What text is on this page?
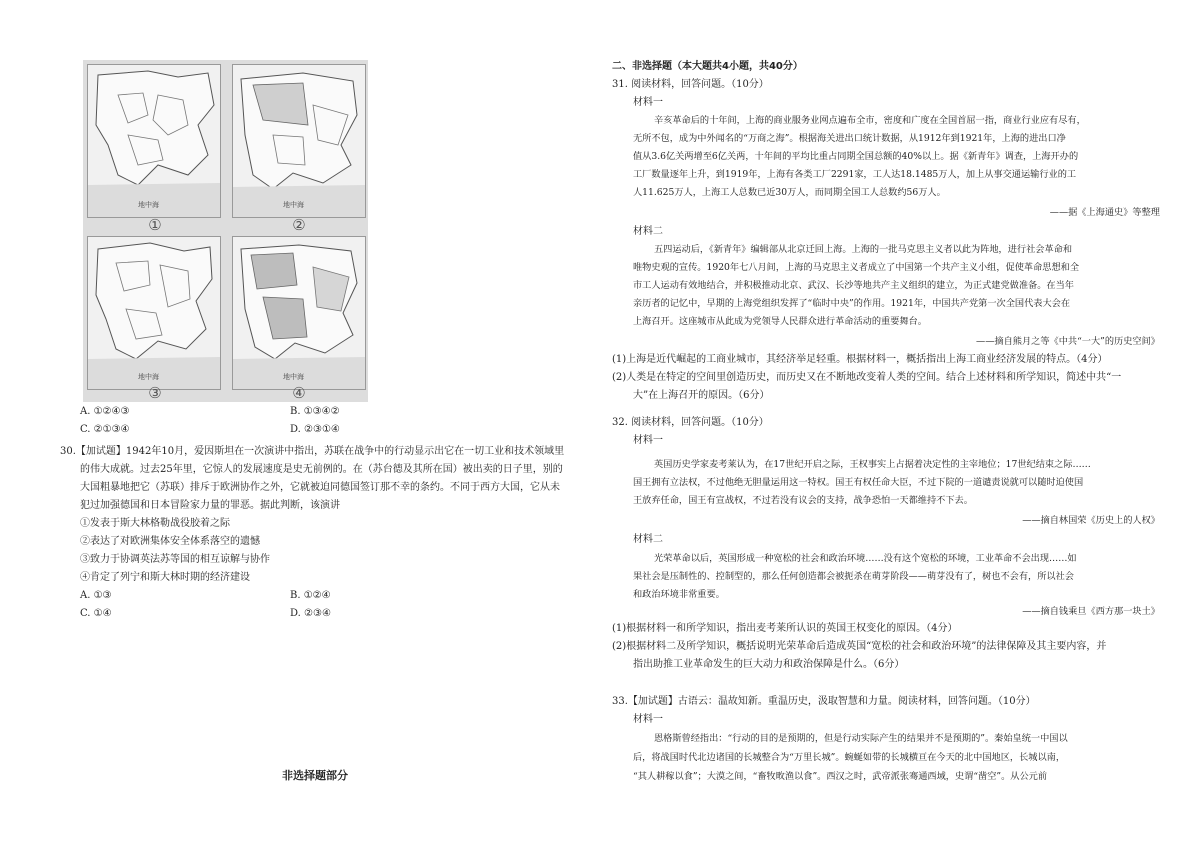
地中海	地中海
地中海	地中海
①	②
③	④
A. ①②④③	B. ①③④②
C. ②①③④	D. ②③①④
30.【加试题】1942年10月，爱因斯坦在一次演讲中指出，苏联在战争中的行动显示出它在一切工业和技术领域里
的伟大成就。过去25年里，它惊人的发展速度是史无前例的。在（苏台德及其所在国）被出卖的日子里，别的
大国粗暴地把它（苏联）排斥于欧洲协作之外，它就被迫同德国签订那不幸的条约。不同于西方大国，它从未
犯过加强德国和日本冒险家力量的罪恶。据此判断，该演讲
①发表于斯大林格勒战役胶着之际
②表达了对欧洲集体安全体系落空的遗憾
③致力于协调英法苏等国的相互谅解与协作
④肯定了列宁和斯大林时期的经济建设
A. ①③	B. ①②④
C. ①④	D. ②③④
非选择题部分
二、非选择题（本大题共4小题，共40分）
31. 阅读材料，回答问题。（10分）
材料一
辛亥革命后的十年间，上海的商业服务业网点遍布全市，密度和广度在全国首屈一指，商业行业应有尽有，
无所不包，成为中外闻名的“万商之海”。根据海关进出口统计数据，从1912年到1921年，上海的进出口净
值从3.6亿关两增至6亿关两，十年间的平均比重占同期全国总额的40%以上。据《新青年》调查，上海开办的
工厂数量逐年上升，到1919年，上海有各类工厂2291家，工人达18.1485万人，加上从事交通运输行业的工
人11.625万人，上海工人总数已近30万人，而同期全国工人总数约56万人。
——据《上海通史》等整理
材料二
五四运动后，《新青年》编辑部从北京迁回上海。上海的一批马克思主义者以此为阵地，进行社会革命和
唯物史观的宣传。1920年七八月间，上海的马克思主义者成立了中国第一个共产主义小组，促使革命思想和全
市工人运动有效地结合，并积极推动北京、武汉、长沙等地共产主义组织的建立，为正式建党做准备。在当年
亲历者的记忆中，早期的上海党组织发挥了“临时中央”的作用。1921年，中国共产党第一次全国代表大会在
上海召开。这座城市从此成为党领导人民群众进行革命活动的重要舞台。
——摘自熊月之等《中共“一大”的历史空间》
(1)上海是近代崛起的工商业城市，其经济举足轻重。根据材料一，概括指出上海工商业经济发展的特点。（4分）
(2)人类是在特定的空间里创造历史，而历史又在不断地改变着人类的空间。结合上述材料和所学知识，简述中共“一
大”在上海召开的原因。（6分）
32. 阅读材料，回答问题。（10分）
材料一
英国历史学家麦考莱认为，在17世纪开启之际，王权事实上占据着决定性的主宰地位；17世纪结束之际……
国王拥有立法权，不过他绝无胆量运用这一特权。国王有权任命大臣，不过下院的一道谴责说就可以随时迫使国
王放弃任命，国王有宣战权，不过若没有议会的支持，战争恐怕一天都维持不下去。
——摘自林国荣《历史上的人权》
材料二
光荣革命以后，英国形成一种宽松的社会和政治环境……没有这个宽松的环境，工业革命不会出现……如
果社会是压制性的、控制型的，那么任何创造都会被扼杀在萌芽阶段——萌芽没有了，树也不会有，所以社会
和政治环境非常重要。
——摘自钱乘旦《西方那一块土》
(1)根据材料一和所学知识，指出麦考莱所认识的英国王权变化的原因。（4分）
(2)根据材料二及所学知识，概括说明光荣革命后造成英国“宽松的社会和政治环境”的法律保障及其主要内容，并
指出助推工业革命发生的巨大动力和政治保障是什么。（6分）
33.【加试题】古语云：温故知新。重温历史，汲取智慧和力量。阅读材料，回答问题。（10分）
材料一
恩格斯曾经指出：“行动的目的是预期的，但是行动实际产生的结果并不是预期的”。秦始皇统一中国以
后，将战国时代北边诸国的长城整合为“万里长城”。蜿蜒如带的长城横亘在今天的北中国地区，长城以南，
“其人耕稼以食”；大漠之间，“畜牧畋渔以食”。西汉之时，武帝派张骞通西域，史谓“凿空”。从公元前
